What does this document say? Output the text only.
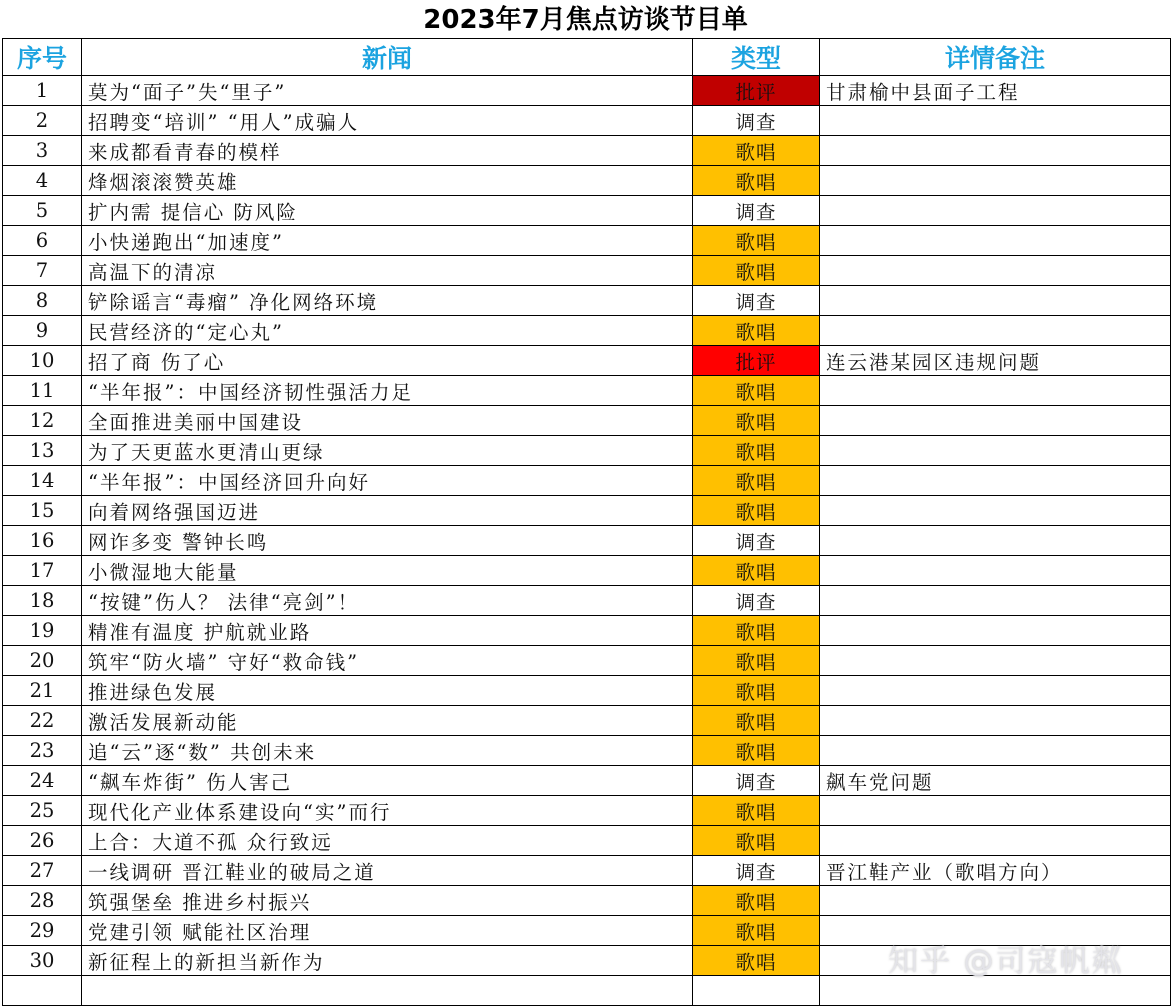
2023年7月焦点访谈节目单
序号	新闻	类型	详情备注
1	莫为“面子”失“里子”	批评	甘肃榆中县面子工程
2	招聘变“培训” “用人”成骗人	调查	
3	来成都看青春的模样	歌唱	
4	烽烟滚滚赞英雄	歌唱	
5	扩内需 提信心 防风险	调查	
6	小快递跑出“加速度”	歌唱	
7	高温下的清凉	歌唱	
8	铲除谣言“毒瘤” 净化网络环境	调查	
9	民营经济的“定心丸”	歌唱	
10	招了商 伤了心	批评	连云港某园区违规问题
11	“半年报”：中国经济韧性强活力足	歌唱	
12	全面推进美丽中国建设	歌唱	
13	为了天更蓝水更清山更绿	歌唱	
14	“半年报”：中国经济回升向好	歌唱	
15	向着网络强国迈进	歌唱	
16	网诈多变 警钟长鸣	调查	
17	小微湿地大能量	歌唱	
18	“按键”伤人？ 法律“亮剑”！	调查	
19	精准有温度 护航就业路	歌唱	
20	筑牢“防火墙” 守好“救命钱”	歌唱	
21	推进绿色发展	歌唱	
22	激活发展新动能	歌唱	
23	追“云”逐“数” 共创未来	歌唱	
24	“飙车炸街” 伤人害己	调查	飙车党问题
25	现代化产业体系建设向“实”而行	歌唱	
26	上合：大道不孤 众行致远	歌唱	
27	一线调研 晋江鞋业的破局之道	调查	晋江鞋产业（歌唱方向）
28	筑强堡垒 推进乡村振兴	歌唱	
29	党建引领 赋能社区治理	歌唱	
30	新征程上的新担当新作为	歌唱	
				知乎 @司寇帆粼
